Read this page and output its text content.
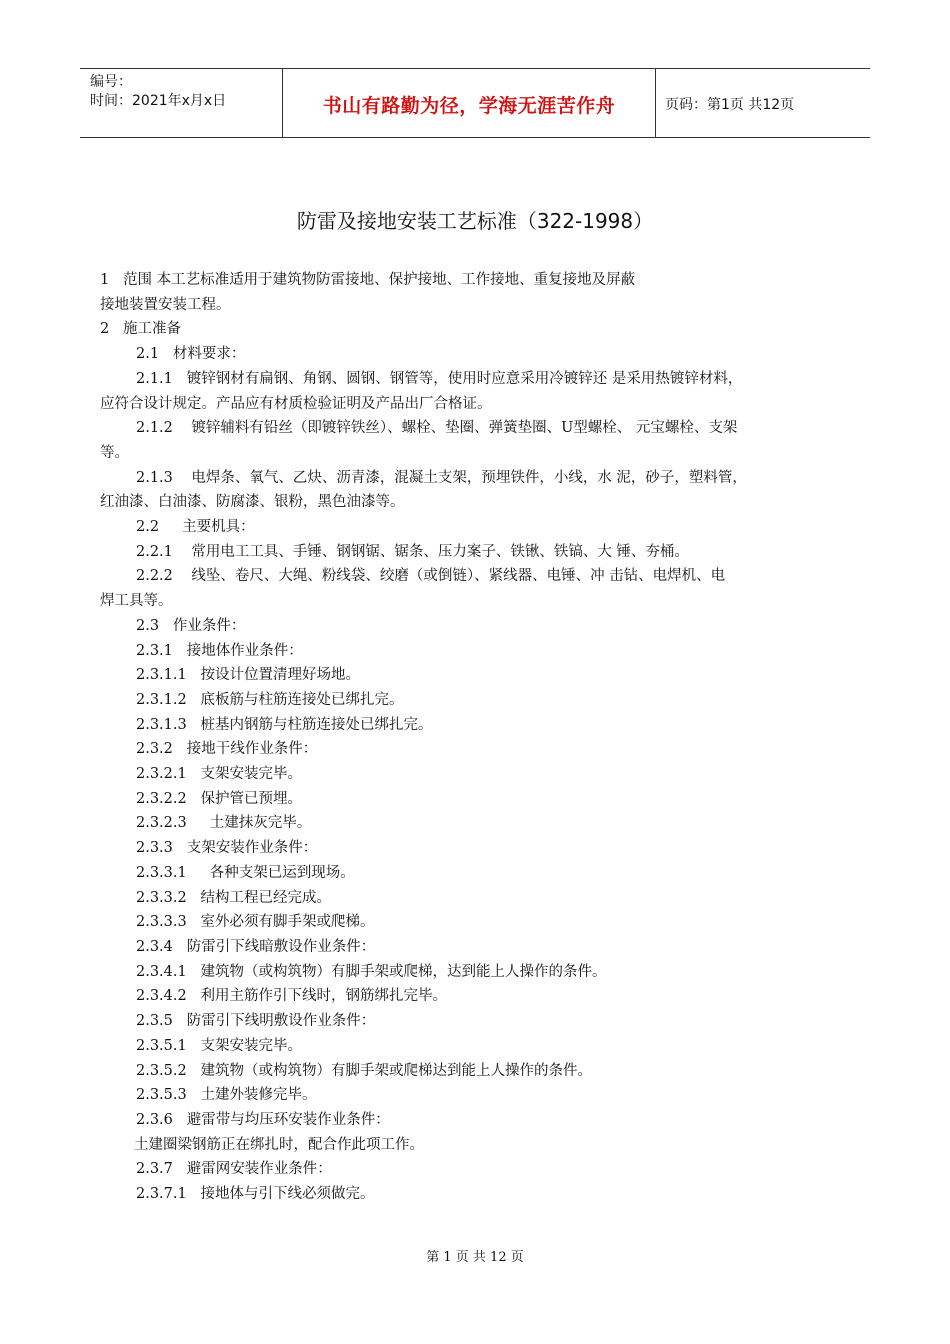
编号：
时间：2021年x月x日	书山有路勤为径，学海无涯苦作舟	页码：第1页 共12页
防雷及接地安装工艺标准（322-1998）

1   范围 本工艺标准适用于建筑物防雷接地、保护接地、工作接地、重复接地及屏蔽

接地装置安装工程。

2   施工准备

2.1   材料要求：

2.1.1   镀锌钢材有扁钢、角钢、圆钢、钢管等，使用时应意采用冷镀锌还 是采用热镀锌材料，

应符合设计规定。产品应有材质检验证明及产品出厂合格证。

2.1.2    镀锌辅料有铅丝（即镀锌铁丝）、螺栓、垫圈、弹簧垫圈、U型螺栓、 元宝螺栓、支架

等。

2.1.3    电焊条、氧气、乙炔、沥青漆，混凝土支架，预埋铁件，小线，水 泥，砂子，塑料管，

红油漆、白油漆、防腐漆、银粉，黑色油漆等。

2.2     主要机具：

2.2.1    常用电工工具、手锤、钢钢锯、锯条、压力案子、铁锹、铁镐、大 锤、夯桶。

2.2.2    线坠、卷尺、大绳、粉线袋、绞磨（或倒链）、紧线器、电锤、冲 击钻、电焊机、电

焊工具等。

2.3   作业条件：

2.3.1   接地体作业条件：

2.3.1.1   按设计位置清理好场地。

2.3.1.2   底板筋与柱筋连接处已绑扎完。

2.3.1.3   桩基内钢筋与柱筋连接处已绑扎完。

2.3.2   接地干线作业条件：

2.3.2.1   支架安装完毕。

2.3.2.2   保护管已预埋。

2.3.2.3     土建抹灰完毕。

2.3.3   支架安装作业条件：

2.3.3.1     各种支架已运到现场。

2.3.3.2   结构工程已经完成。

2.3.3.3   室外必须有脚手架或爬梯。

2.3.4   防雷引下线暗敷设作业条件：

2.3.4.1   建筑物（或构筑物）有脚手架或爬梯，达到能上人操作的条件。

2.3.4.2   利用主筋作引下线时，钢筋绑扎完毕。

2.3.5   防雷引下线明敷设作业条件：

2.3.5.1   支架安装完毕。

2.3.5.2   建筑物（或构筑物）有脚手架或爬梯达到能上人操作的条件。

2.3.5.3   土建外装修完毕。

2.3.6   避雷带与均压环安装作业条件：

土建圈梁钢筋正在绑扎时，配合作此项工作。

2.3.7   避雷网安装作业条件：

2.3.7.1   接地体与引下线必须做完。

第 1 页 共 12 页
